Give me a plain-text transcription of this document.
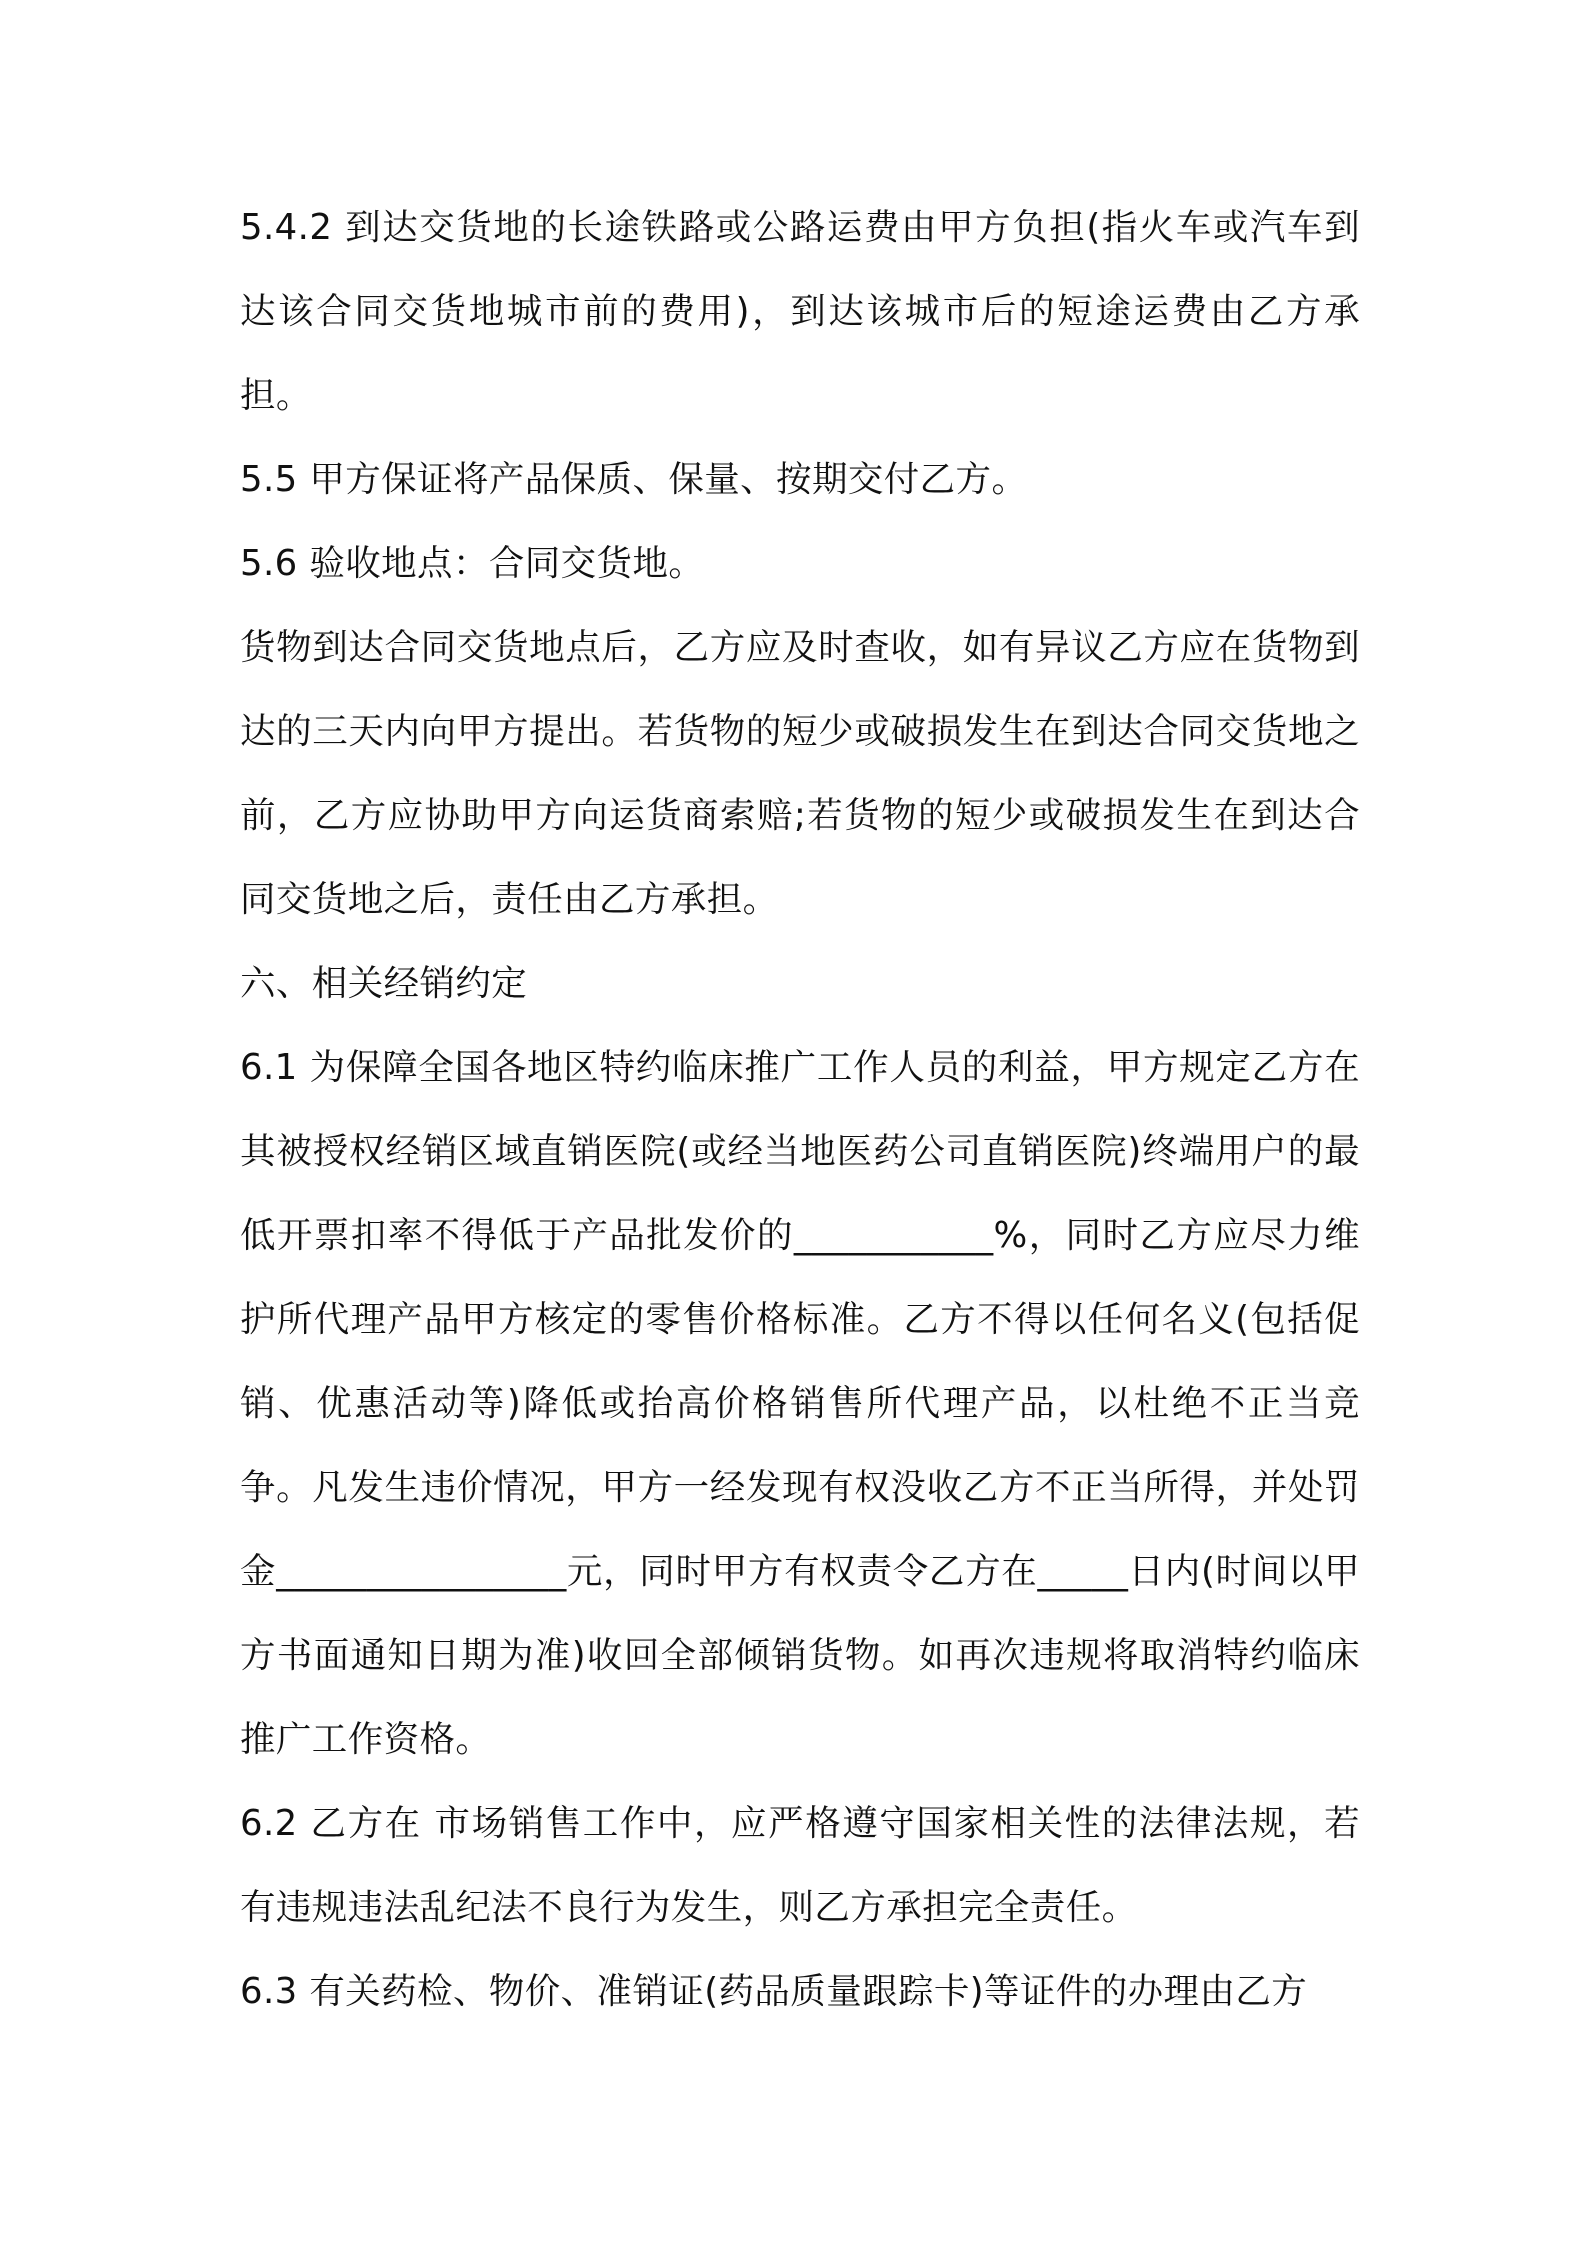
5.4.2 到达交货地的长途铁路或公路运费由甲方负担(指火车或汽车到达该合同交货地城市前的费用)，到达该城市后的短途运费由乙方承担。

5.5 甲方保证将产品保质、保量、按期交付乙方。

5.6 验收地点：合同交货地。

货物到达合同交货地点后，乙方应及时查收，如有异议乙方应在货物到达的三天内向甲方提出。若货物的短少或破损发生在到达合同交货地之前，乙方应协助甲方向运货商索赔;若货物的短少或破损发生在到达合同交货地之后，责任由乙方承担。

六、相关经销约定

6.1 为保障全国各地区特约临床推广工作人员的利益，甲方规定乙方在其被授权经销区域直销医院(或经当地医药公司直销医院)终端用户的最低开票扣率不得低于产品批发价的___________%，同时乙方应尽力维护所代理产品甲方核定的零售价格标准。乙方不得以任何名义(包括促销、优惠活动等)降低或抬高价格销售所代理产品，以杜绝不正当竞争。凡发生违价情况，甲方一经发现有权没收乙方不正当所得，并处罚金________________元，同时甲方有权责令乙方在_____日内(时间以甲方书面通知日期为准)收回全部倾销货物。如再次违规将取消特约临床推广工作资格。

6.2 乙方在 市场销售工作中，应严格遵守国家相关性的法律法规，若有违规违法乱纪法不良行为发生，则乙方承担完全责任。

6.3 有关药检、物价、准销证(药品质量跟踪卡)等证件的办理由乙方
